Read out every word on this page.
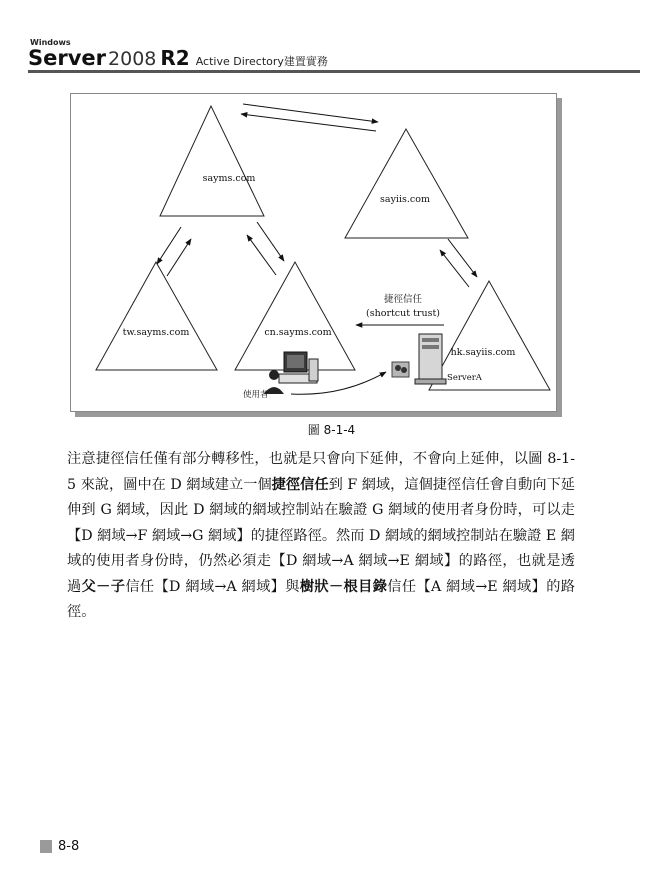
Windows
Server 2008 R2 Active Directory建置實務
sayms.com
sayiis.com
tw.sayms.com	cn.sayms.com
hk.sayiis.com
捷徑信任
(shortcut trust)
使用者
ServerA
圖 8-1-4

注意捷徑信任僅有部分轉移性，也就是只會向下延伸，不會向上延伸，以圖 8-1-5 來說，圖中在 D 網域建立一個捷徑信任到 F 網域，這個捷徑信任會自動向下延伸到 G 網域，因此 D 網域的網域控制站在驗證 G 網域的使用者身份時，可以走【D 網域→F 網域→G 網域】的捷徑路徑。然而 D 網域的網域控制站在驗證 E 網域的使用者身份時，仍然必須走【D 網域→A 網域→E 網域】的路徑，也就是透過父－子信任【D 網域→A 網域】與樹狀－根目錄信任【A 網域→E 網域】的路徑。

8-8
